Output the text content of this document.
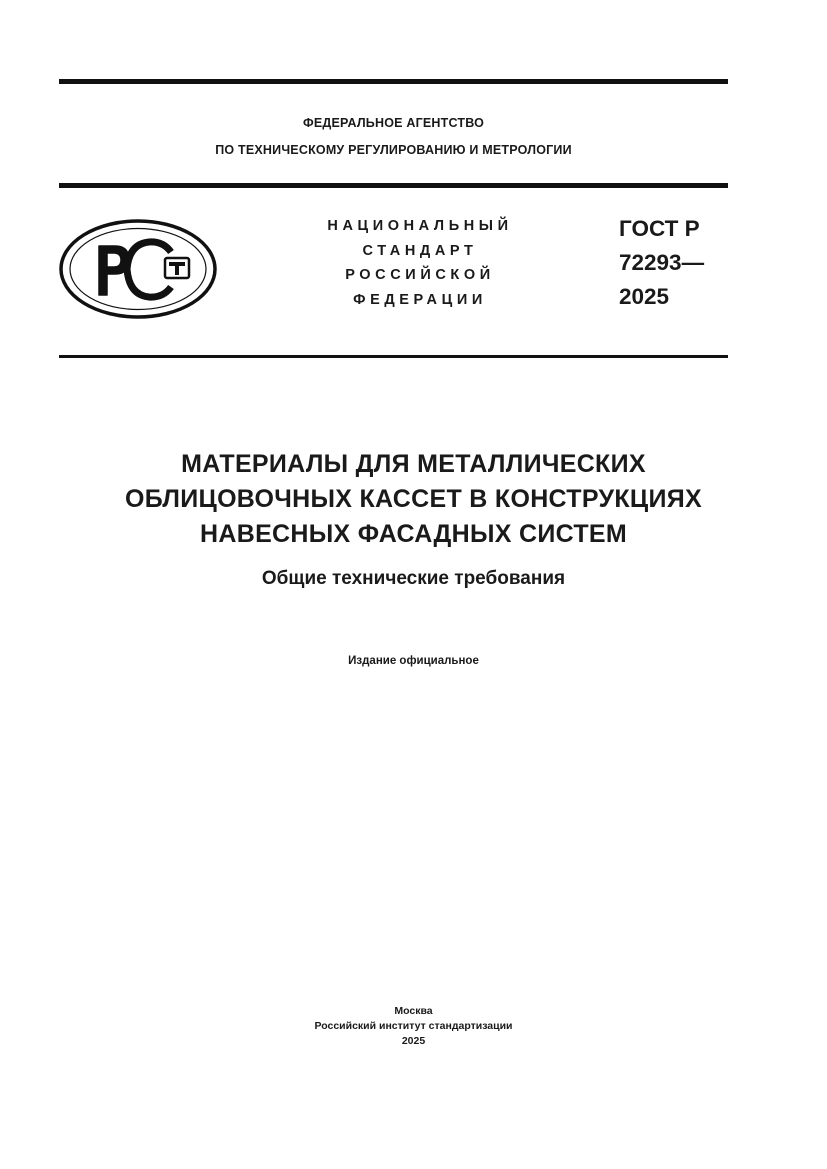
ФЕДЕРАЛЬНОЕ АГЕНТСТВО
ПО ТЕХНИЧЕСКОМУ РЕГУЛИРОВАНИЮ И МЕТРОЛОГИИ
НАЦИОНАЛЬНЫЙ
СТАНДАРТ
РОССИЙСКОЙ
ФЕДЕРАЦИИ
ГОСТ Р
72293—
2025
МАТЕРИАЛЫ ДЛЯ МЕТАЛЛИЧЕСКИХ
ОБЛИЦОВОЧНЫХ КАССЕТ В КОНСТРУКЦИЯХ
НАВЕСНЫХ ФАСАДНЫХ СИСТЕМ
Общие технические требования
Издание официальное
Москва
Российский институт стандартизации
2025
